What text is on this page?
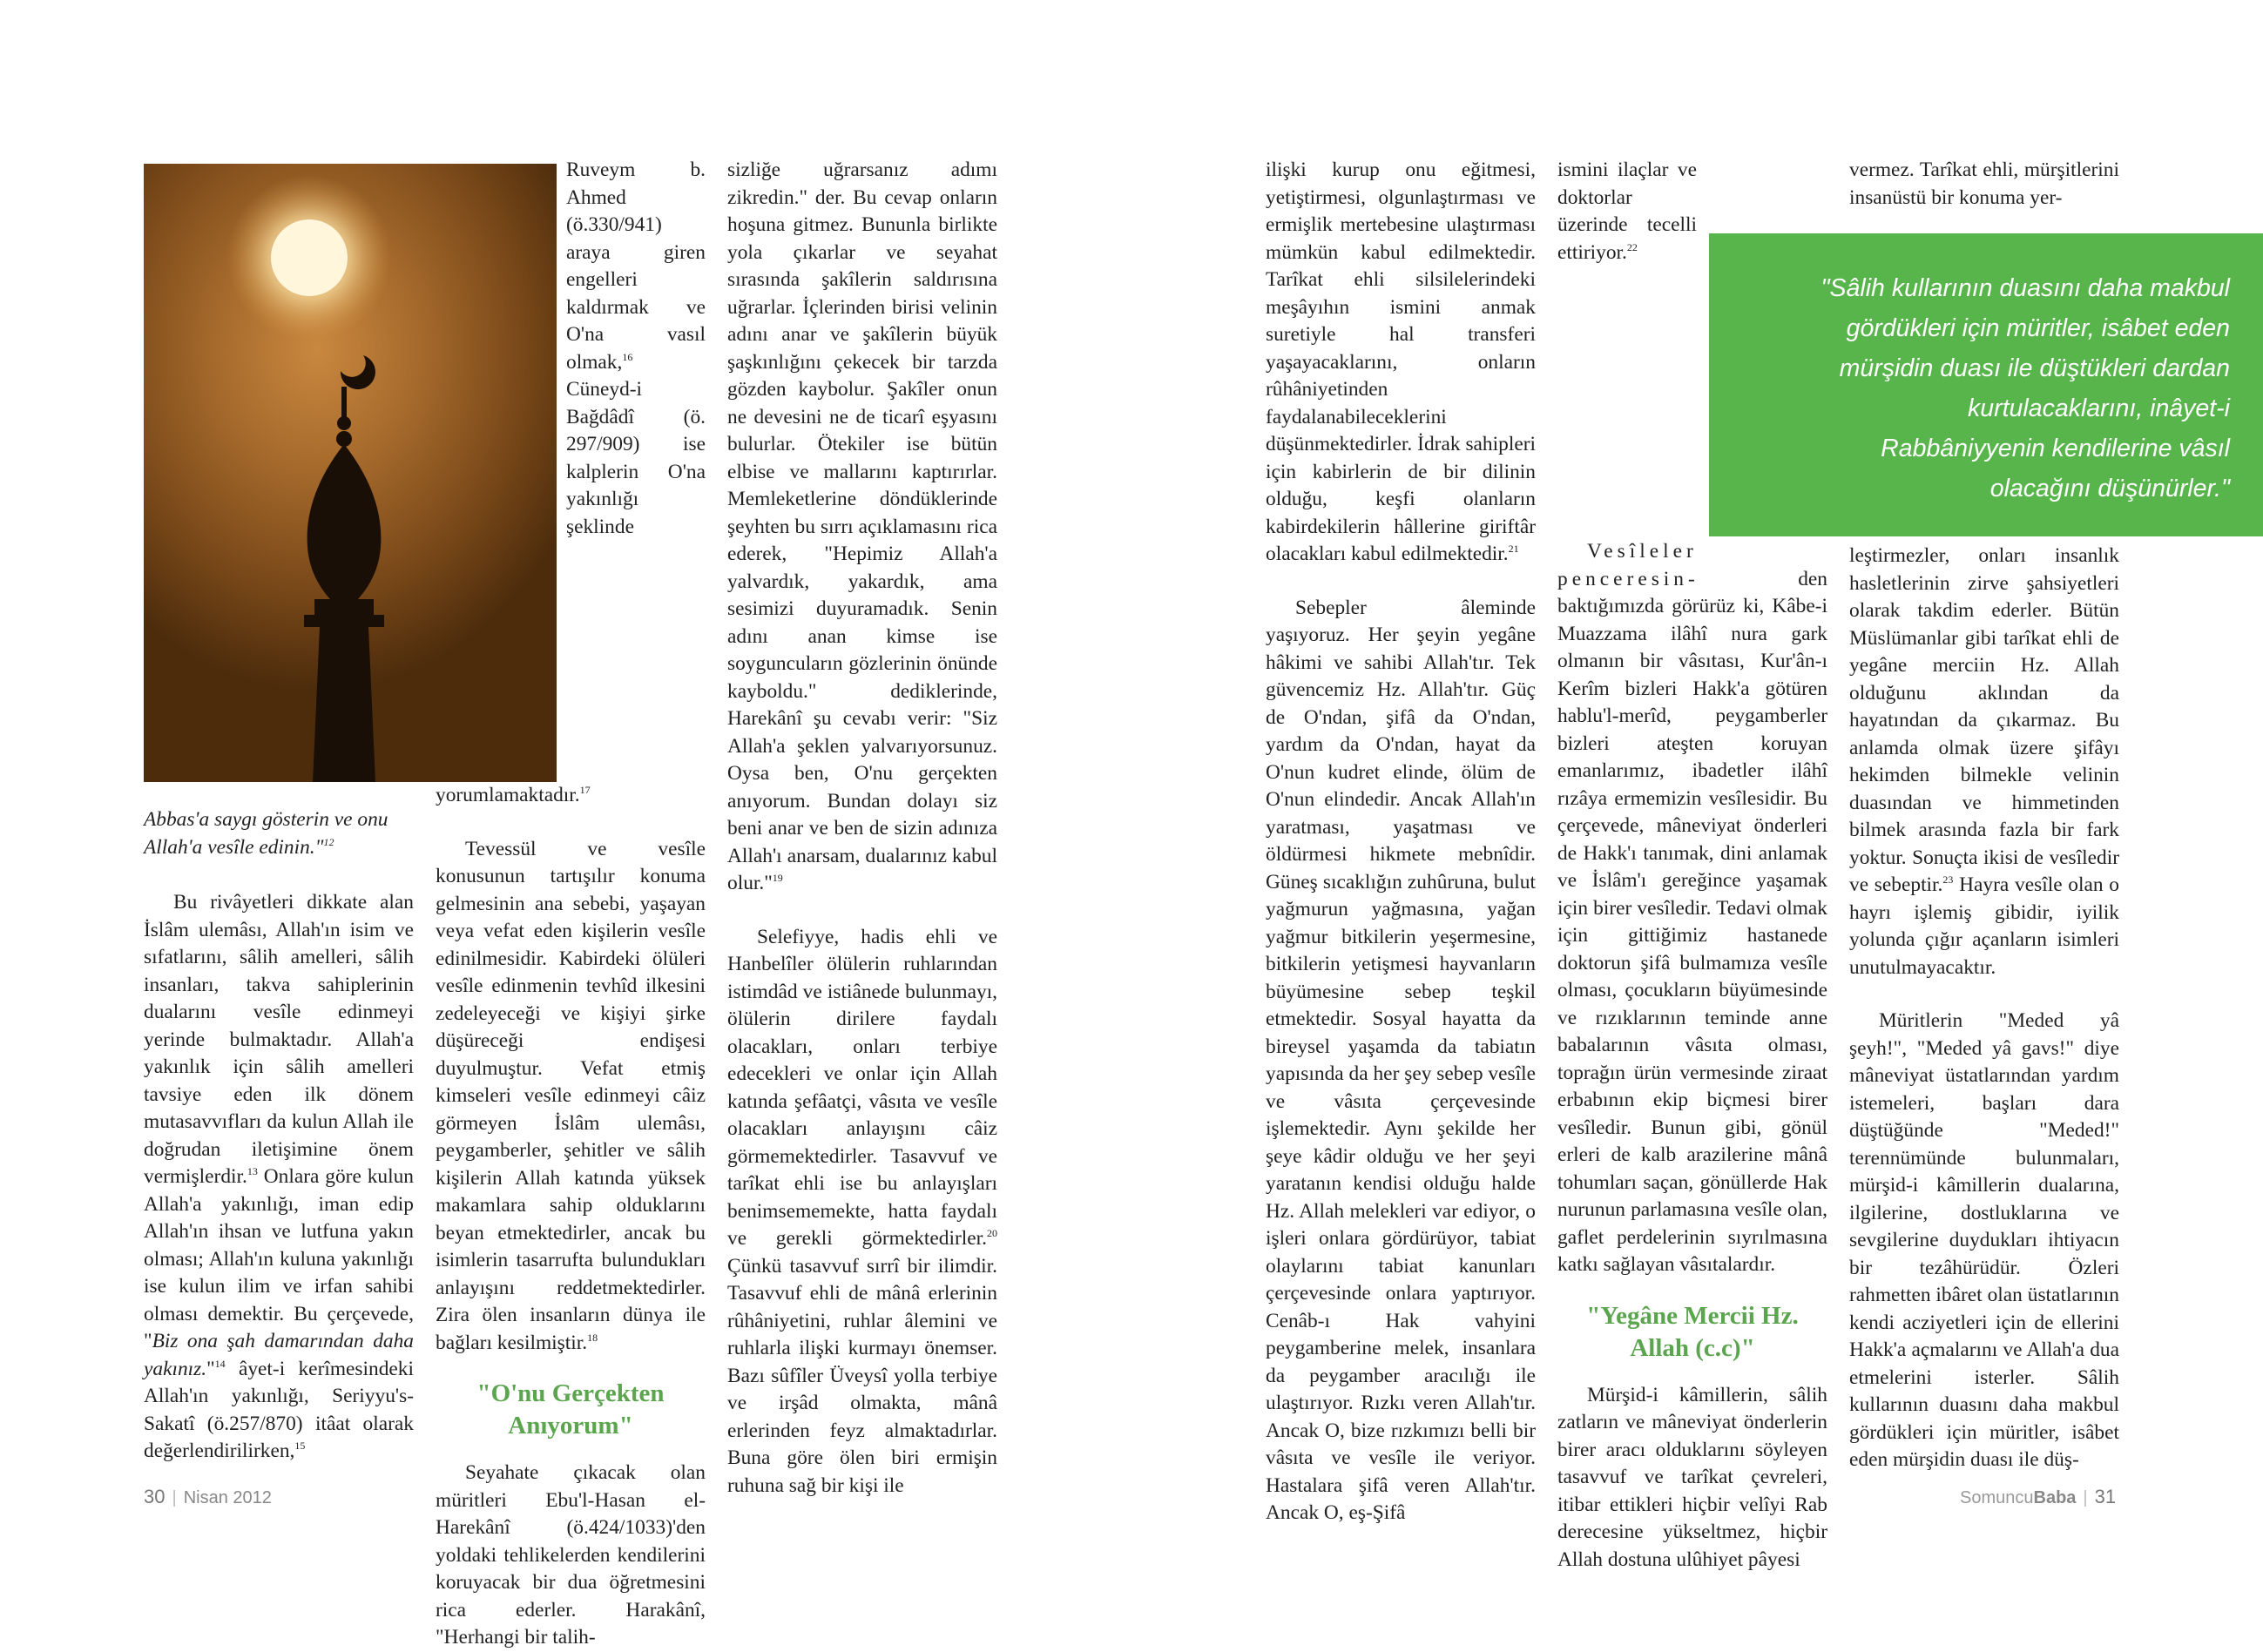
Abbas'a saygı gösterin ve onu Allah'a vesîle edinin."$^{12}$

Bu rivâyetleri dikkate alan İslâm ulemâsı, Allah'ın isim ve sıfatlarını, sâlih amelleri, sâlih insanları, takva sahiplerinin dualarını vesîle edinmeyi yerinde bulmaktadır. Allah'a yakınlık için sâlih amelleri tavsiye eden ilk dönem mutasavvıfları da kulun Allah ile doğrudan iletişimine önem vermişlerdir.$^{13}$ Onlara göre kulun Allah'a yakınlığı, iman edip Allah'ın ihsan ve lutfuna yakın olması; Allah'ın kuluna yakınlığı ise kulun ilim ve irfan sahibi olması demektir. Bu çerçevede, "Biz ona şah damarından daha yakınız."$^{14}$ âyet-i kerîmesindeki Allah'ın yakınlığı, Seriyyu's-Sakatî (ö.257/870) itâat olarak değerlendirilirken,$^{15}$

Ruveym b. Ahmed (ö.330/941) araya giren engelleri kaldırmak ve O'na vasıl olmak,$^{16}$ Cüneyd-i Bağdâdî (ö. 297/909) ise kalplerin O'na yakınlığı şeklinde yorumlamaktadır.$^{17}$

Tevessül ve vesîle konusunun tartışılır konuma gelmesinin ana sebebi, yaşayan veya vefat eden kişilerin vesîle edinilmesidir. Kabirdeki ölüleri vesîle edinmenin tevhîd ilkesini zedeleyeceği ve kişiyi şirke düşüreceği endişesi duyulmuştur. Vefat etmiş kimseleri vesîle edinmeyi câiz görmeyen İslâm ulemâsı, peygamberler, şehitler ve sâlih kişilerin Allah katında yüksek makamlara sahip olduklarını beyan etmektedirler, ancak bu isimlerin tasarrufta bulundukları anlayışını reddetmektedirler. Zira ölen insanların dünya ile bağları kesilmiştir.$^{18}$

"O'nu Gerçekten Anıyorum"

Seyahate çıkacak olan müritleri Ebu'l-Hasan el-Harekânî (ö.424/1033)'den yoldaki tehlikelerden kendilerini koruyacak bir dua öğretmesini rica ederler. Harakânî, "Herhangi bir talih-

sizliğe uğrarsanız adımı zikredin." der. Bu cevap onların hoşuna gitmez. Bununla birlikte yola çıkarlar ve seyahat sırasında şakîlerin saldırısına uğrarlar. İçlerinden birisi velinin adını anar ve şakîlerin büyük şaşkınlığını çekecek bir tarzda gözden kaybolur. Şakîler onun ne devesini ne de ticarî eşyasını bulurlar. Ötekiler ise bütün elbise ve mallarını kaptırırlar. Memleketlerine döndüklerinde şeyhten bu sırrı açıklamasını rica ederek, "Hepimiz Allah'a yalvardık, yakardık, ama sesimizi duyuramadık. Senin adını anan kimse ise soyguncuların gözlerinin önünde kayboldu." dediklerinde, Harekânî şu cevabı verir: "Siz Allah'a şeklen yalvarıyorsunuz. Oysa ben, O'nu gerçekten anıyorum. Bundan dolayı siz beni anar ve ben de sizin adınıza Allah'ı anarsam, dualarınız kabul olur."$^{19}$

Selefiyye, hadis ehli ve Hanbelîler ölülerin ruhlarından istimdâd ve istiânede bulunmayı, ölülerin dirilere faydalı olacakları, onları terbiye edecekleri ve onlar için Allah katında şefâatçi, vâsıta ve vesîle olacakları anlayışını câiz görmemektedirler. Tasavvuf ve tarîkat ehli ise bu anlayışları benimsememekte, hatta faydalı ve gerekli görmektedirler.$^{20}$ Çünkü tasavvuf sırrî bir ilimdir. Tasavvuf ehli de mânâ erlerinin rûhâniyetini, ruhlar âlemini ve ruhlarla ilişki kurmayı önemser. Bazı sûfîler Üveysî yolla terbiye ve irşâd olmakta, mânâ erlerinden feyz almaktadırlar. Buna göre ölen biri ermişin ruhuna sağ bir kişi ile

30 | Nisan 2012

ilişki kurup onu eğitmesi, yetiştirmesi, olgunlaştırması ve ermişlik mertebesine ulaştırması mümkün kabul edilmektedir. Tarîkat ehli silsilelerindeki meşâyıhın ismini anmak suretiyle hal transferi yaşayacaklarını, onların rûhâniyetinden faydalanabileceklerini düşünmektedirler. İdrak sahipleri için kabirlerin de bir dilinin olduğu, keşfi olanların kabirdekilerin hâllerine giriftâr olacakları kabul edilmektedir.$^{21}$

Sebepler âleminde yaşıyoruz. Her şeyin yegâne hâkimi ve sahibi Allah'tır. Tek güvencemiz Hz. Allah'tır. Güç de O'ndan, şifâ da O'ndan, yardım da O'ndan, hayat da O'nun kudret elinde, ölüm de O'nun elindedir. Ancak Allah'ın yaratması, yaşatması ve öldürmesi hikmete mebnîdir. Güneş sıcaklığın zuhûruna, bulut yağmurun yağmasına, yağan yağmur bitkilerin yeşermesine, bitkilerin yetişmesi hayvanların büyümesine sebep teşkil etmektedir. Sosyal hayatta da bireysel yaşamda da tabiatın yapısında da her şey sebep vesîle ve vâsıta çerçevesinde işlemektedir. Aynı şekilde her şeye kâdir olduğu ve her şeyi yaratanın kendisi olduğu halde Hz. Allah melekleri var ediyor, o işleri onlara gördürüyor, tabiat olaylarını tabiat kanunları çerçevesinde onlara yaptırıyor. Cenâb-ı Hak vahyini peygamberine melek, insanlara da peygamber aracılığı ile ulaştırıyor. Rızkı veren Allah'tır. Ancak O, bize rızkımızı belli bir vâsıta ve vesîle ile veriyor. Hastalara şifâ veren Allah'tır. Ancak O, eş-Şifâ

ismini ilaçlar ve doktorlar üzerinde tecelli ettiriyor.$^{22}$

Vesîleler penceresin- den baktığımızda görürüz ki, Kâbe-i Muazzama ilâhî nura gark olmanın bir vâsıtası, Kur'ân-ı Kerîm bizleri Hakk'a götüren hablu'l-merîd, peygamberler bizleri ateşten koruyan emanlarımız, ibadetler ilâhî rızâya ermemizin vesîlesidir. Bu çerçevede, mâneviyat önderleri de Hakk'ı tanımak, dini anlamak ve İslâm'ı gereğince yaşamak için birer vesîledir. Tedavi olmak için gittiğimiz hastanede doktorun şifâ bulmamıza vesîle olması, çocukların büyümesinde ve rızıklarının teminde anne babalarının vâsıta olması, toprağın ürün vermesinde ziraat erbabının ekip biçmesi birer vesîledir. Bunun gibi, gönül erleri de kalb arazilerine mânâ tohumları saçan, gönüllerde Hak nurunun parlamasına vesîle olan, gaflet perdelerinin sıyrılmasına katkı sağlayan vâsıtalardır.

"Yegâne Mercii Hz. Allah (c.c)"

Mürşid-i kâmillerin, sâlih zatların ve mâneviyat önderlerin birer aracı olduklarını söyleyen tasavvuf ve tarîkat çevreleri, itibar ettikleri hiçbir velîyi Rab derecesine yükseltmez, hiçbir Allah dostuna ulûhiyet pâyesi

vermez. Tarîkat ehli, mürşitlerini insanüstü bir konuma yer-

leştirmezler, onları insanlık hasletlerinin zirve şahsiyetleri olarak takdim ederler. Bütün Müslümanlar gibi tarîkat ehli de yegâne merciin Hz. Allah olduğunu aklından da hayatından da çıkarmaz. Bu anlamda olmak üzere şifâyı hekimden bilmekle velinin duasından ve himmetinden bilmek arasında fazla bir fark yoktur. Sonuçta ikisi de vesîledir ve sebeptir.$^{23}$ Hayra vesîle olan o hayrı işlemiş gibidir, iyilik yolunda çığır açanların isimleri unutulmayacaktır.

Müritlerin "Meded yâ şeyh!", "Meded yâ gavs!" diye mâneviyat üstatlarından yardım istemeleri, başları dara düştüğünde "Meded!" terennümünde bulunmaları, mürşid-i kâmillerin dualarına, ilgilerine, dostluklarına ve sevgilerine duydukları ihtiyacın bir tezâhürüdür. Özleri rahmetten ibâret olan üstatlarının kendi acziyetleri için de ellerini Hakk'a açmalarını ve Allah'a dua etmelerini isterler. Sâlih kullarının duasını daha makbul gördükleri için müritler, isâbet eden mürşidin duası ile düş-

"Sâlih kullarının duasını daha makbul gördükleri için müritler, isâbet eden mürşidin duası ile düştükleri dardan kurtulacaklarını, inâyet-i Rabbâniyyenin kendilerine vâsıl olacağını düşünürler."
SomuncuBaba | 31
